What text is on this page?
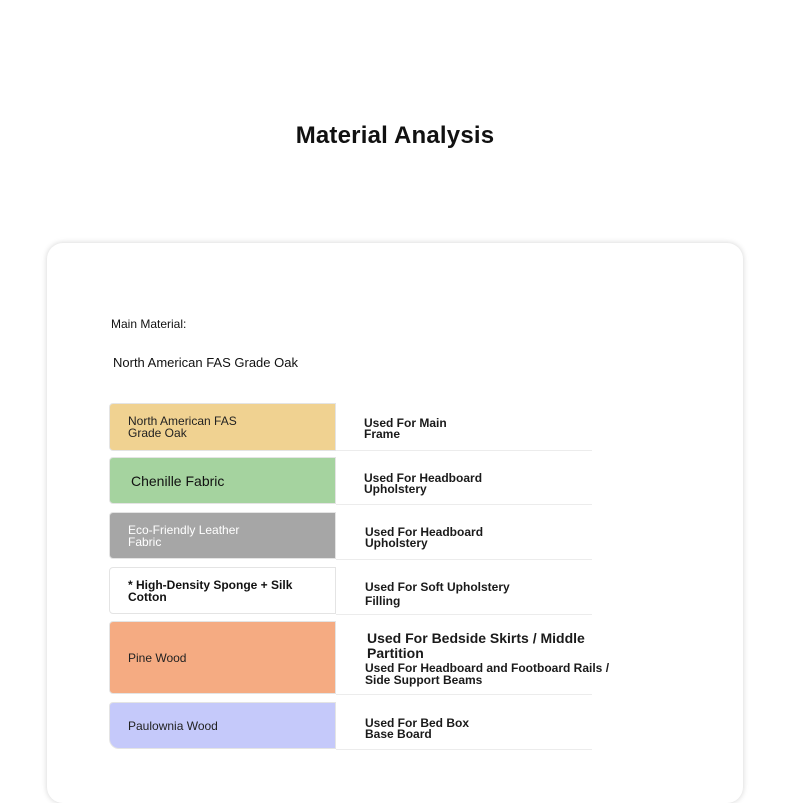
Material Analysis
Main Material:
North American FAS Grade Oak
North American FAS
Grade Oak
Used For Main
Frame
Chenille Fabric	Used For Headboard
Upholstery
Eco-Friendly Leather
Fabric
Used For Headboard
Upholstery
* High-Density Sponge + Silk
Cotton
Used For Soft Upholstery
Filling
Pine Wood
Used For Bedside Skirts / Middle
Partition
Used For Headboard and Footboard Rails /
Side Support Beams
Paulownia Wood	Used For Bed Box
Base Board
